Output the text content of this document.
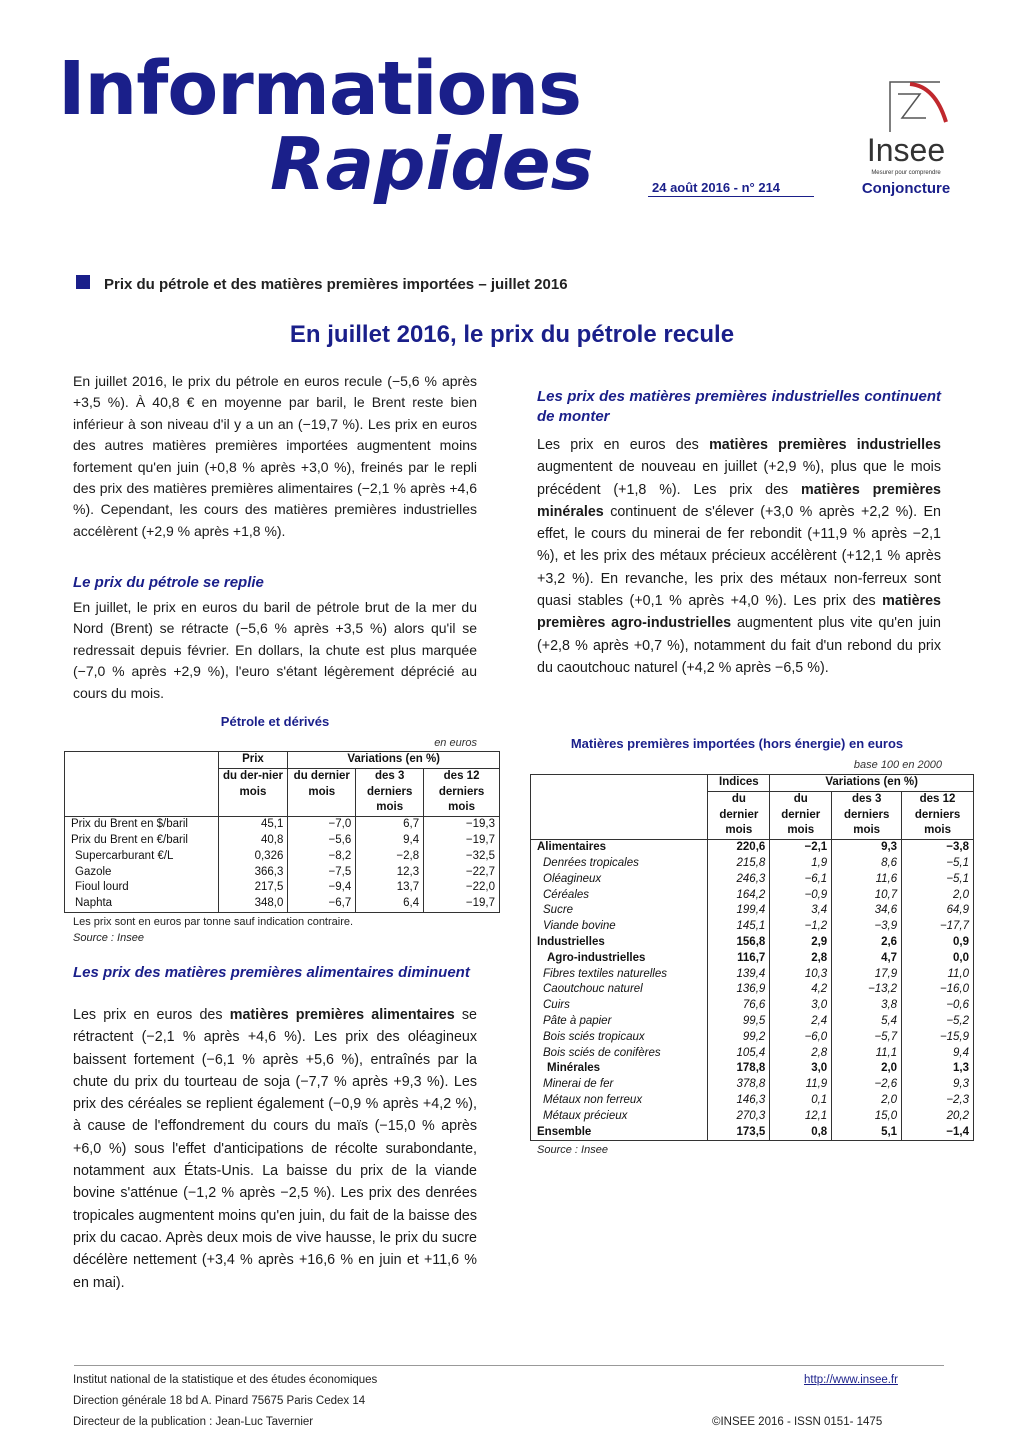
Informations
Rapides	24 août 2016 - n° 214
Insee
Mesurer pour comprendre
Conjoncture
Prix du pétrole et des matières premières importées – juillet 2016
En juillet 2016, le prix du pétrole recule
En juillet 2016, le prix du pétrole en euros recule (−5,6 % après +3,5 %). À 40,8 € en moyenne par baril, le Brent reste bien inférieur à son niveau d'il y a un an (−19,7 %). Les prix en euros des autres matières premières importées augmentent moins fortement qu'en juin (+0,8 % après +3,0 %), freinés par le repli des prix des matières premières alimentaires (−2,1 % après +4,6 %). Cependant, les cours des matières premières industrielles accélèrent (+2,9 % après +1,8 %).
Le prix du pétrole se replie
En juillet, le prix en euros du baril de pétrole brut de la mer du Nord (Brent) se rétracte (−5,6 % après +3,5 %) alors qu'il se redressait depuis février. En dollars, la chute est plus marquée (−7,0 % après +2,9 %), l'euro s'étant légèrement déprécié au cours du mois.
Pétrole et dérivés
en euros
	Prix	Variations (en %)		
	du der-nier mois	du dernier mois	des 3 derniers mois	des 12 derniers mois
Prix du Brent en $/baril	45,1	−7,0	6,7	−19,3
Prix du Brent en €/baril	40,8	−5,6	9,4	−19,7
Supercarburant €/L	0,326	−8,2	−2,8	−32,5
Gazole	366,3	−7,5	12,3	−22,7
Fioul lourd	217,5	−9,4	13,7	−22,0
Naphta	348,0	−6,7	6,4	−19,7
Les prix sont en euros par tonne sauf indication contraire.
Source : Insee
Les prix des matières premières alimentaires diminuent
Les prix en euros des matières premières alimentaires se rétractent (−2,1 % après +4,6 %). Les prix des oléagineux baissent fortement (−6,1 % après +5,6 %), entraînés par la chute du prix du tourteau de soja (−7,7 % après +9,3 %). Les prix des céréales se replient également (−0,9 % après +4,2 %), à cause de l'effondrement du cours du maïs (−15,0 % après +6,0 %) sous l'effet d'anticipations de récolte surabondante, notamment aux États-Unis. La baisse du prix de la viande bovine s'atténue (−1,2 % après −2,5 %). Les prix des denrées tropicales augmentent moins qu'en juin, du fait de la baisse des prix du cacao. Après deux mois de vive hausse, le prix du sucre décélère nettement (+3,4 % après +16,6 % en juin et +11,6 % en mai).
Les prix des matières premières industrielles continuent de monter
Les prix en euros des matières premières industrielles augmentent de nouveau en juillet (+2,9 %), plus que le mois précédent (+1,8 %). Les prix des matières premières minérales continuent de s'élever (+3,0 % après +2,2 %). En effet, le cours du minerai de fer rebondit (+11,9 % après −2,1 %), et les prix des métaux précieux accélèrent (+12,1 % après +3,2 %). En revanche, les prix des métaux non-ferreux sont quasi stables (+0,1 % après +4,0 %). Les prix des matières premières agro-industrielles augmentent plus vite qu'en juin (+2,8 % après +0,7 %), notamment du fait d'un rebond du prix du caoutchouc naturel (+4,2 % après −6,5 %).
Matières premières importées (hors énergie) en euros
base 100 en 2000
	Indices	Variations (en %)		
	du dernier mois	du dernier mois	des 3 derniers mois	des 12 derniers mois
Alimentaires	220,6	−2,1	9,3	−3,8
Denrées tropicales	215,8	1,9	8,6	−5,1
Oléagineux	246,3	−6,1	11,6	−5,1
Céréales	164,2	−0,9	10,7	2,0
Sucre	199,4	3,4	34,6	64,9
Viande bovine	145,1	−1,2	−3,9	−17,7
Industrielles	156,8	2,9	2,6	0,9
Agro-industrielles	116,7	2,8	4,7	0,0
Fibres textiles naturelles	139,4	10,3	17,9	11,0
Caoutchouc naturel	136,9	4,2	−13,2	−16,0
Cuirs	76,6	3,0	3,8	−0,6
Pâte à papier	99,5	2,4	5,4	−5,2
Bois sciés tropicaux	99,2	−6,0	−5,7	−15,9
Bois sciés de conifères	105,4	2,8	11,1	9,4
Minérales	178,8	3,0	2,0	1,3
Minerai de fer	378,8	11,9	−2,6	9,3
Métaux non ferreux	146,3	0,1	2,0	−2,3
Métaux précieux	270,3	12,1	15,0	20,2
Ensemble	173,5	0,8	5,1	−1,4
Source : Insee
Institut national de la statistique et des études économiques
Direction générale 18 bd A. Pinard 75675 Paris Cedex 14
Directeur de la publication : Jean-Luc Tavernier
http://www.insee.fr
©INSEE 2016 - ISSN 0151- 1475
